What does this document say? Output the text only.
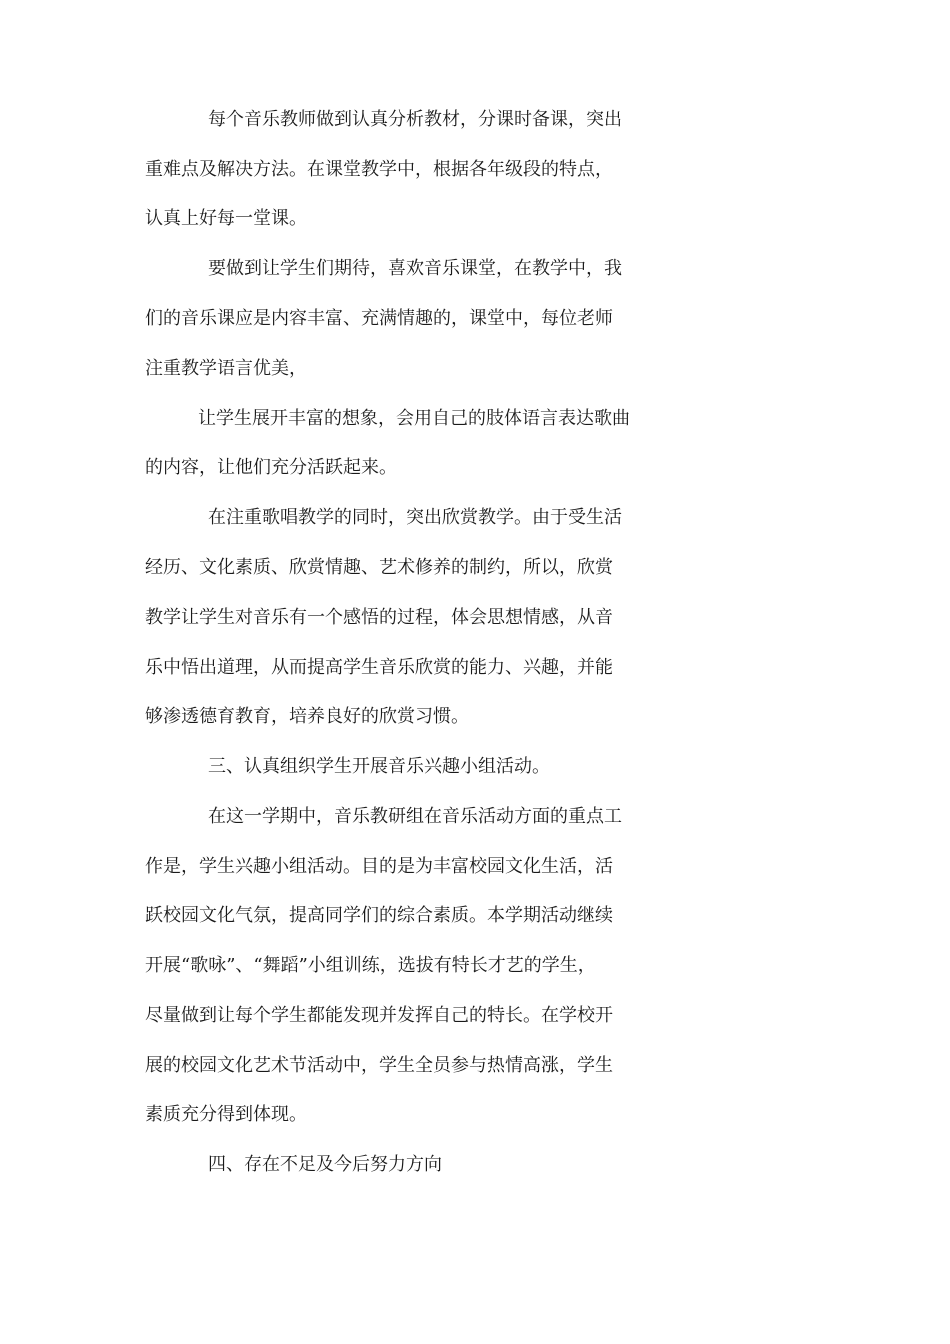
每个音乐教师做到认真分析教材，分课时备课，突出
重难点及解决方法。在课堂教学中，根据各年级段的特点，
认真上好每一堂课。
要做到让学生们期待，喜欢音乐课堂，在教学中，我
们的音乐课应是内容丰富、充满情趣的，课堂中，每位老师
注重教学语言优美，
让学生展开丰富的想象，会用自己的肢体语言表达歌曲
的内容，让他们充分活跃起来。
在注重歌唱教学的同时，突出欣赏教学。由于受生活
经历、文化素质、欣赏情趣、艺术修养的制约，所以，欣赏
教学让学生对音乐有一个感悟的过程，体会思想情感，从音
乐中悟出道理，从而提高学生音乐欣赏的能力、兴趣，并能
够渗透德育教育，培养良好的欣赏习惯。
三、认真组织学生开展音乐兴趣小组活动。
在这一学期中，音乐教研组在音乐活动方面的重点工
作是，学生兴趣小组活动。目的是为丰富校园文化生活，活
跃校园文化气氛，提高同学们的综合素质。本学期活动继续
开展“歌咏”、“舞蹈”小组训练，选拔有特长才艺的学生，
尽量做到让每个学生都能发现并发挥自己的特长。在学校开
展的校园文化艺术节活动中，学生全员参与热情高涨，学生
素质充分得到体现。
四、存在不足及今后努力方向
